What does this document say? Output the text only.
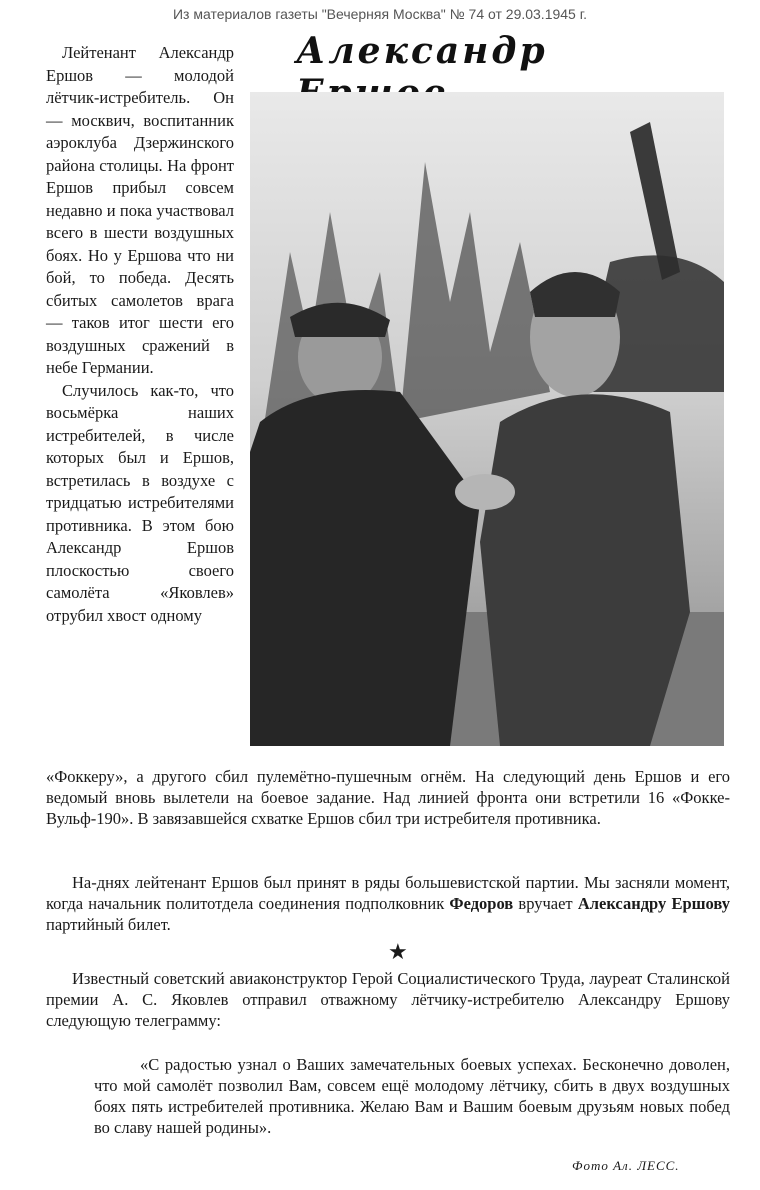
Из материалов газеты "Вечерняя Москва" № 74 от 29.03.1945 г.
Александр

Лейтенант Александр Ершов — молодой лётчик-истребитель. Он — москвич, воспитанник аэроклуба Дзержинского района столицы. На фронт Ершов прибыл совсем недавно и пока участвовал всего в шести воздушных боях. Но у Ершова что ни бой, то победа. Десять сбитых самолетов врага — таков итог шести его воздушных сражений в небе Германии.

Случилось как-то, что восьмёрка наших истребителей, в числе которых был и Ершов, встретилась в воздухе с тридцатью истребителями противника. В этом бою Александр Ершов плоскостью своего самолёта «Яковлев» отрубил хвост одному

«Фоккеру», а другого сбил пулемётно-пушечным огнём. На следующий день Ершов и его ведомый вновь вылетели на боевое задание. Над линией фронта они встретили 16 «Фокке-Вульф-190». В завязавшейся схватке Ершов сбил три истребителя противника.
На-днях лейтенант Ершов был принят в ряды большевистской партии. Мы засняли момент, когда начальник политотдела соединения подполковник Федоров вручает Александру Ершову партийный билет.
★
Известный советский авиаконструктор Герой Социалистического Труда, лауреат Сталинской премии А. С. Яковлев отправил отважному лётчику-истребителю Александру Ершову следующую телеграмму:
«С радостью узнал о Ваших замечательных боевых успехах. Бесконечно доволен, что мой самолёт позволил Вам, совсем ещё молодому лётчику, сбить в двух воздушных боях пять истребителей противника. Желаю Вам и Вашим боевым друзьям новых побед во славу нашей родины».
Фото Ал. ЛЕСС.
